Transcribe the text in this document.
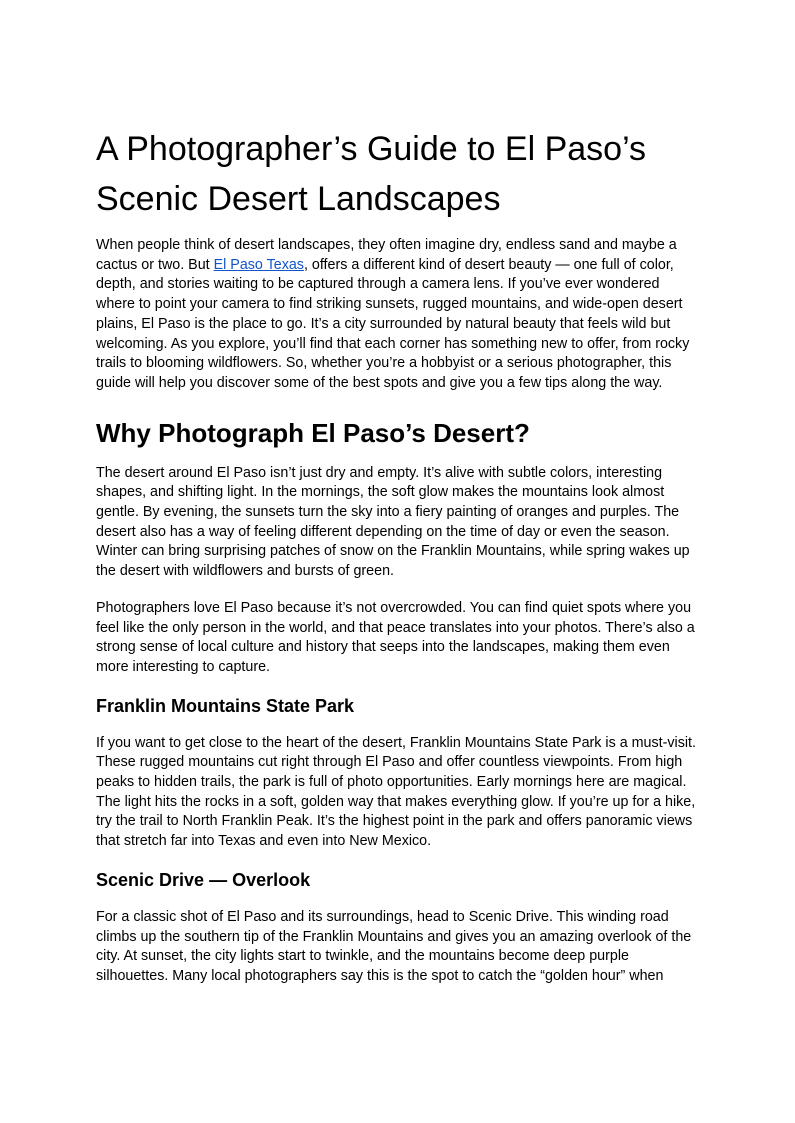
A Photographer’s Guide to El Paso’s Scenic Desert Landscapes

When people think of desert landscapes, they often imagine dry, endless sand and maybe a cactus or two. But El Paso Texas, offers a different kind of desert beauty — one full of color, depth, and stories waiting to be captured through a camera lens. If you’ve ever wondered where to point your camera to find striking sunsets, rugged mountains, and wide-open desert plains, El Paso is the place to go. It’s a city surrounded by natural beauty that feels wild but welcoming. As you explore, you’ll find that each corner has something new to offer, from rocky trails to blooming wildflowers. So, whether you’re a hobbyist or a serious photographer, this guide will help you discover some of the best spots and give you a few tips along the way.

Why Photograph El Paso’s Desert?

The desert around El Paso isn’t just dry and empty. It’s alive with subtle colors, interesting shapes, and shifting light. In the mornings, the soft glow makes the mountains look almost gentle. By evening, the sunsets turn the sky into a fiery painting of oranges and purples. The desert also has a way of feeling different depending on the time of day or even the season. Winter can bring surprising patches of snow on the Franklin Mountains, while spring wakes up the desert with wildflowers and bursts of green.

Photographers love El Paso because it’s not overcrowded. You can find quiet spots where you feel like the only person in the world, and that peace translates into your photos. There’s also a strong sense of local culture and history that seeps into the landscapes, making them even more interesting to capture.

Franklin Mountains State Park

If you want to get close to the heart of the desert, Franklin Mountains State Park is a must-visit. These rugged mountains cut right through El Paso and offer countless viewpoints. From high peaks to hidden trails, the park is full of photo opportunities. Early mornings here are magical. The light hits the rocks in a soft, golden way that makes everything glow. If you’re up for a hike, try the trail to North Franklin Peak. It’s the highest point in the park and offers panoramic views that stretch far into Texas and even into New Mexico.

Scenic Drive — Overlook

For a classic shot of El Paso and its surroundings, head to Scenic Drive. This winding road climbs up the southern tip of the Franklin Mountains and gives you an amazing overlook of the city. At sunset, the city lights start to twinkle, and the mountains become deep purple silhouettes. Many local photographers say this is the spot to catch the “golden hour” when
